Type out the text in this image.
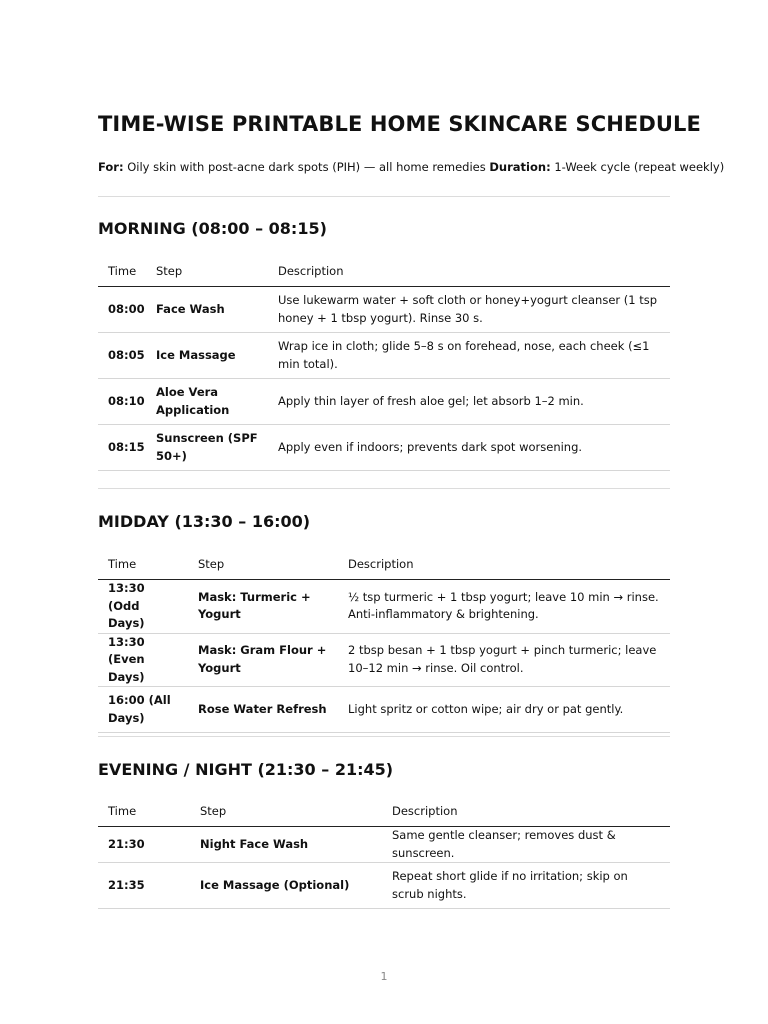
TIME-WISE PRINTABLE HOME SKINCARE SCHEDULE

For: Oily skin with post-acne dark spots (PIH) — all home remedies Duration: 1-Week cycle (repeat weekly)

MORNING (08:00 – 08:15)
Time	Step	Description
08:00	Face Wash	Use lukewarm water + soft cloth or honey+yogurt cleanser (1 tsp honey + 1 tbsp yogurt). Rinse 30 s.
08:05	Ice Massage	Wrap ice in cloth; glide 5–8 s on forehead, nose, each cheek (≤1 min total).
08:10	Aloe Vera Application	Apply thin layer of fresh aloe gel; let absorb 1–2 min.
08:15	Sunscreen (SPF 50+)	Apply even if indoors; prevents dark spot worsening.
MIDDAY (13:30 – 16:00)
Time	Step	Description
13:30 (Odd Days)	Mask: Turmeric + Yogurt	½ tsp turmeric + 1 tbsp yogurt; leave 10 min → rinse. Anti-inflammatory & brightening.
13:30 (Even Days)	Mask: Gram Flour + Yogurt	2 tbsp besan + 1 tbsp yogurt + pinch turmeric; leave 10–12 min → rinse. Oil control.
16:00 (All Days)	Rose Water Refresh	Light spritz or cotton wipe; air dry or pat gently.
EVENING / NIGHT (21:30 – 21:45)
Time	Step	Description
21:30	Night Face Wash	Same gentle cleanser; removes dust & sunscreen.
21:35	Ice Massage (Optional)	Repeat short glide if no irritation; skip on scrub nights.
1
